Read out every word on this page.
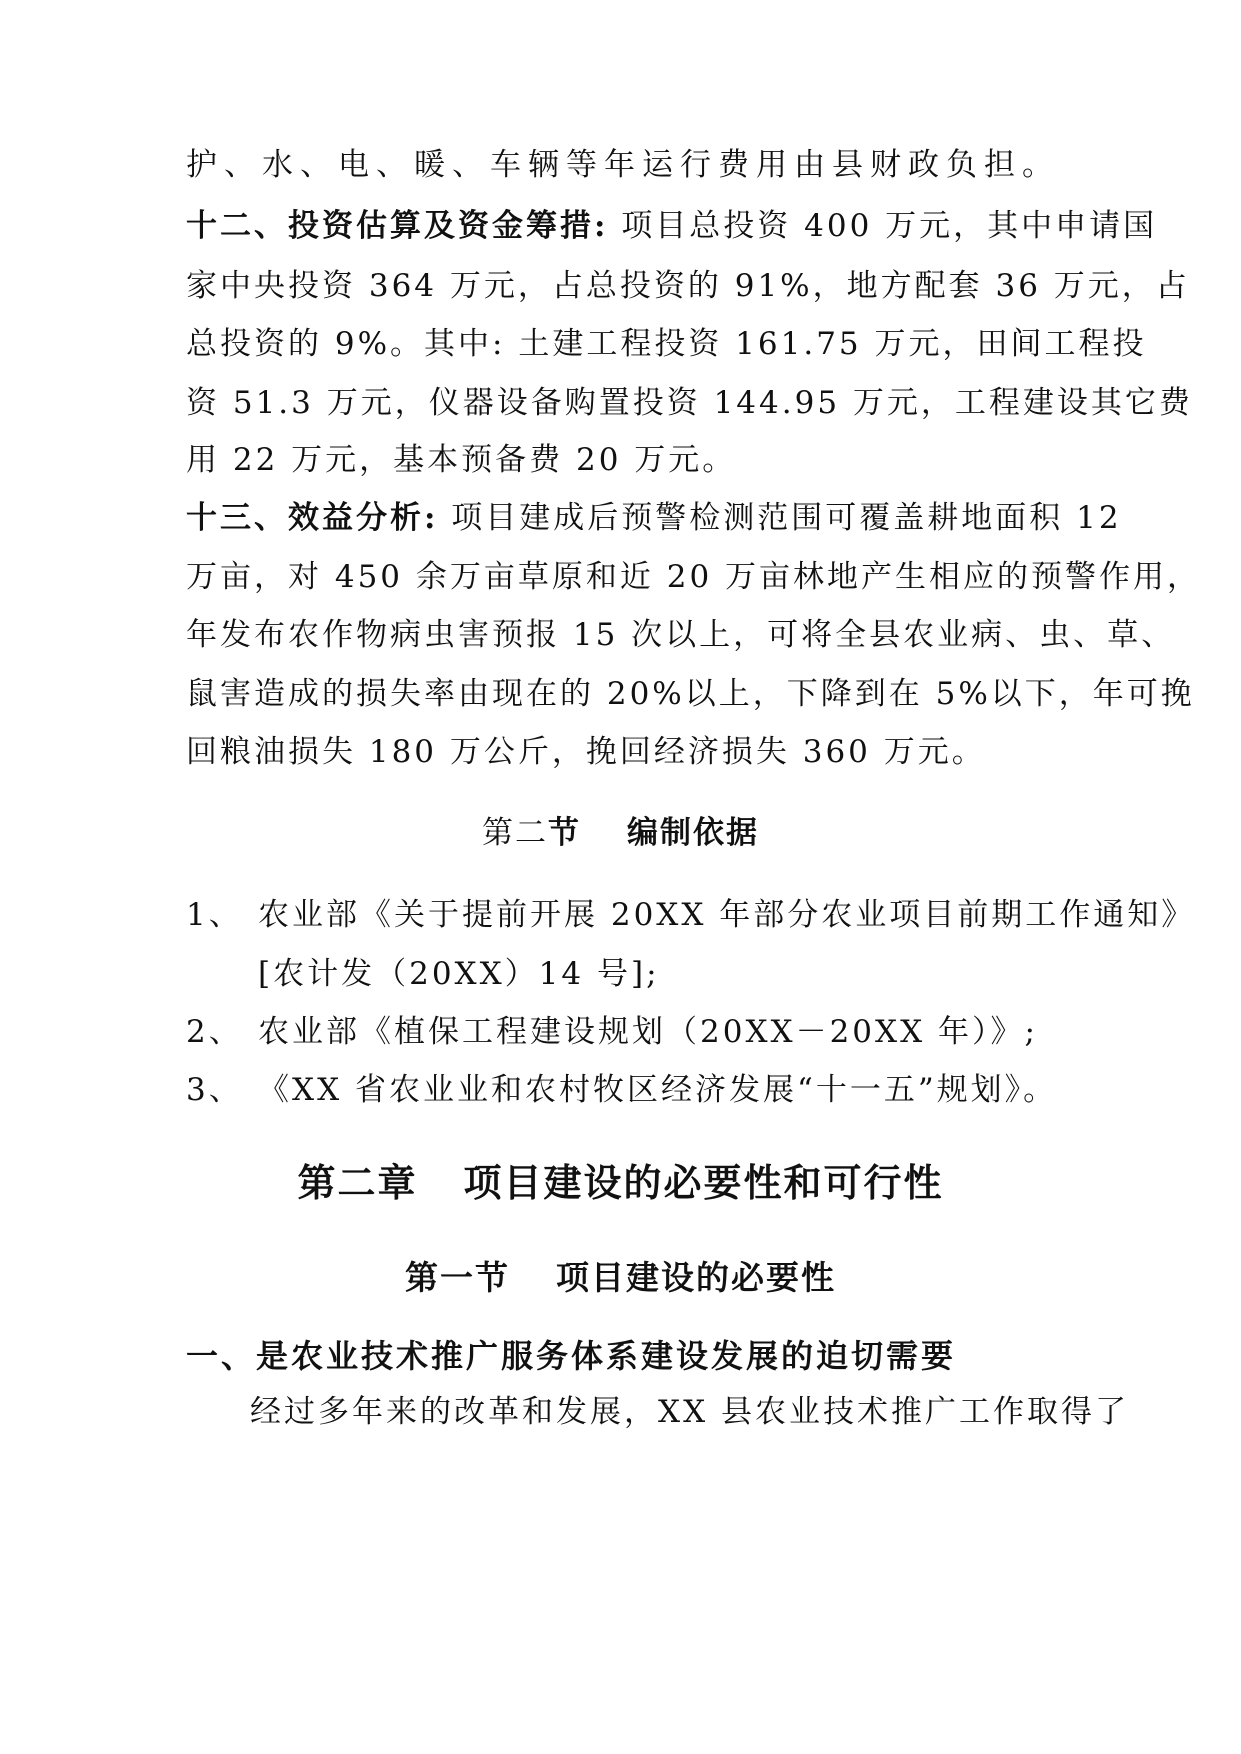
护、水、电、暖、车辆等年运行费用由县财政负担。
十二、投资估算及资金筹措: 项目总投资 400 万元，其中申请国
家中央投资 364 万元，占总投资的 91%，地方配套 36 万元，占
总投资的 9%。其中: 土建工程投资 161.75 万元，田间工程投
资 51.3 万元，仪器设备购置投资 144.95 万元，工程建设其它费
用 22 万元，基本预备费 20 万元。
十三、效益分析: 项目建成后预警检测范围可覆盖耕地面积 12
万亩，对 450 余万亩草原和近 20 万亩林地产生相应的预警作用，
年发布农作物病虫害预报 15 次以上，可将全县农业病、虫、草、
鼠害造成的损失率由现在的 20%以上，下降到在 5%以下，年可挽
回粮油损失 180 万公斤，挽回经济损失 360 万元。
第二节 编制依据
1、 农业部《关于提前开展 20XX 年部分农业项目前期工作通知》
[农计发（20XX）14 号];
2、 农业部《植保工程建设规划（20XX－20XX 年）》;
3、 《XX 省农业业和农村牧区经济发展“十一五”规划》。
第二章 项目建设的必要性和可行性
第一节 项目建设的必要性
一、是农业技术推广服务体系建设发展的迫切需要
经过多年来的改革和发展，XX 县农业技术推广工作取得了
